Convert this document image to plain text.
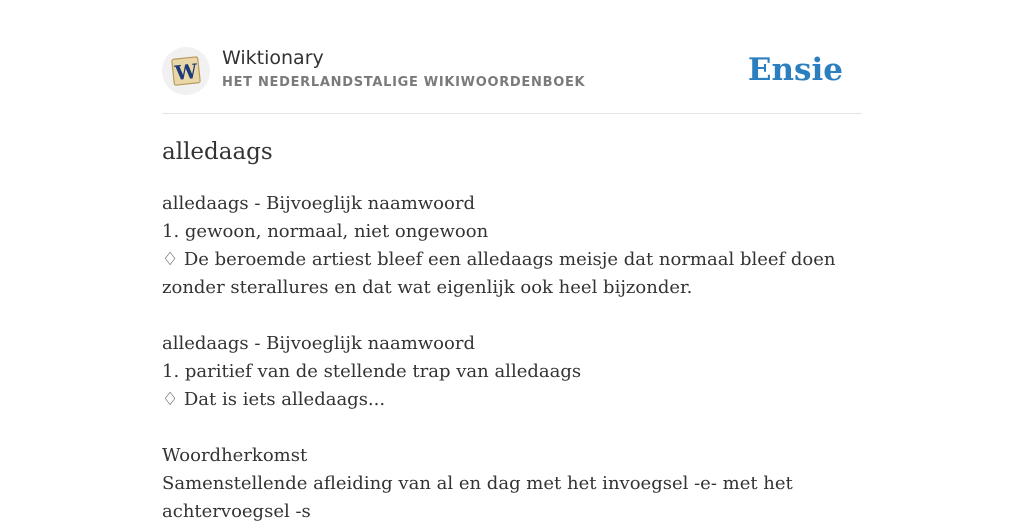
W
Wiktionary
HET NEDERLANDSTALIGE WIKIWOORDENBOEK	Ensie
alledaags
alledaags - Bijvoeglijk naamwoord
1. gewoon, normaal, niet ongewoon
♢ De beroemde artiest bleef een alledaags meisje dat normaal bleef doen zonder sterallures en dat wat eigenlijk ook heel bijzonder.
alledaags - Bijvoeglijk naamwoord
1. paritief van de stellende trap van alledaags
♢ Dat is iets alledaags...
Woordherkomst
Samenstellende afleiding van al en dag met het invoegsel -e- met het achtervoegsel -s
